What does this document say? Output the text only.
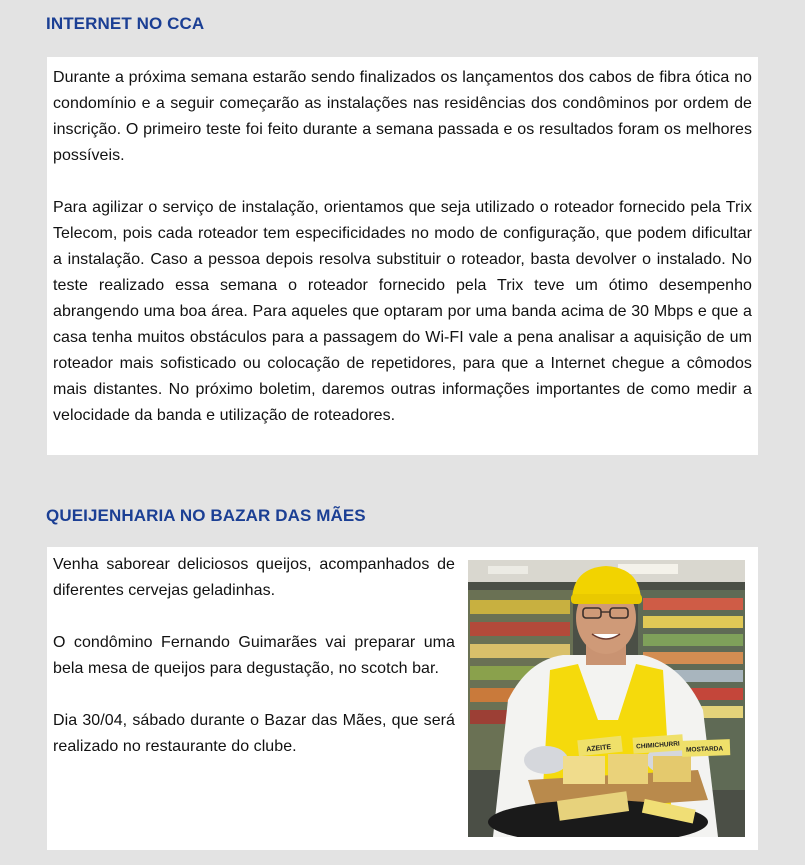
INTERNET NO CCA

Durante a próxima semana estarão sendo finalizados os lançamentos dos cabos de fibra ótica no condomínio e a seguir começarão as instalações nas residências dos condôminos por ordem de inscrição. O primeiro teste foi feito durante a semana passada e os resultados foram os melhores possíveis.

Para agilizar o serviço de instalação, orientamos que seja utilizado o roteador fornecido pela Trix Telecom, pois cada roteador tem especificidades no modo de configuração, que podem dificultar a instalação. Caso a pessoa depois resolva substituir o roteador, basta devolver o instalado. No teste realizado essa semana o roteador fornecido pela Trix teve um ótimo desempenho abrangendo uma boa área. Para aqueles que optaram por uma banda acima de 30 Mbps e que a casa tenha muitos obstáculos para a passagem do Wi-FI vale a pena analisar a aquisição de um roteador mais sofisticado ou colocação de repetidores, para que a Internet chegue a cômodos mais distantes. No próximo boletim, daremos outras informações importantes de como medir a velocidade da banda e utilização de roteadores.

QUEIJENHARIA NO BAZAR DAS MÃES

Venha saborear deliciosos queijos, acompanhados de diferentes cervejas geladinhas.

O condômino Fernando Guimarães vai preparar uma bela mesa de queijos para degustação, no scotch bar.

Dia 30/04, sábado durante o Bazar das Mães, que será realizado no restaurante do clube.	AZEITE	CHIMICHURRI MOSTARDA
